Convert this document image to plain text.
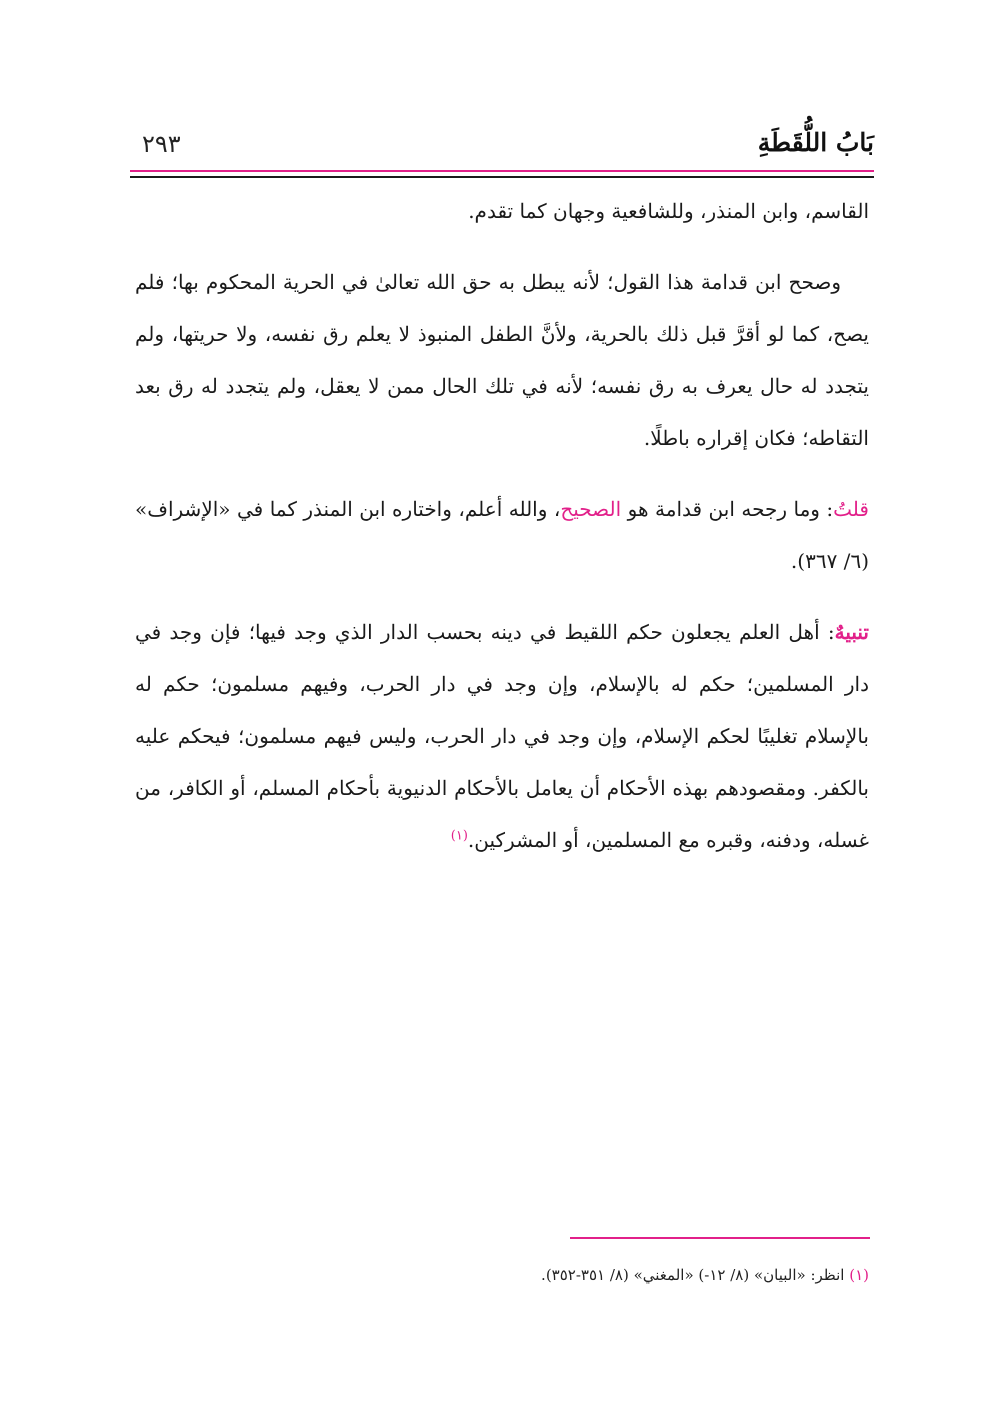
بَابُ اللُّقَطَةِ
٢٩٣

القاسم، وابن المنذر، وللشافعية وجهان كما تقدم.

وصحح ابن قدامة هذا القول؛ لأنه يبطل به حق الله تعالىٰ في الحرية المحكوم بها؛ فلم يصح، كما لو أقرَّ قبل ذلك بالحرية، ولأنَّ الطفل المنبوذ لا يعلم رق نفسه، ولا حريتها، ولم يتجدد له حال يعرف به رق نفسه؛ لأنه في تلك الحال ممن لا يعقل، ولم يتجدد له رق بعد التقاطه؛ فكان إقراره باطلًا.

قلتُ: وما رجحه ابن قدامة هو الصحيح، والله أعلم، واختاره ابن المنذر كما في «الإشراف» (٦/ ٣٦٧).

تنبيهٌ: أهل العلم يجعلون حكم اللقيط في دينه بحسب الدار الذي وجد فيها؛ فإن وجد في دار المسلمين؛ حكم له بالإسلام، وإن وجد في دار الحرب، وفيهم مسلمون؛ حكم له بالإسلام تغليبًا لحكم الإسلام، وإن وجد في دار الحرب، وليس فيهم مسلمون؛ فيحكم عليه بالكفر. ومقصودهم بهذه الأحكام أن يعامل بالأحكام الدنيوية بأحكام المسلم، أو الكافر، من غسله، ودفنه، وقبره مع المسلمين، أو المشركين.$^{(١)}$

(١) انظر: «البيان» (٨/ ١٢-) «المغني» (٨/ ٣٥١-٣٥٢).
